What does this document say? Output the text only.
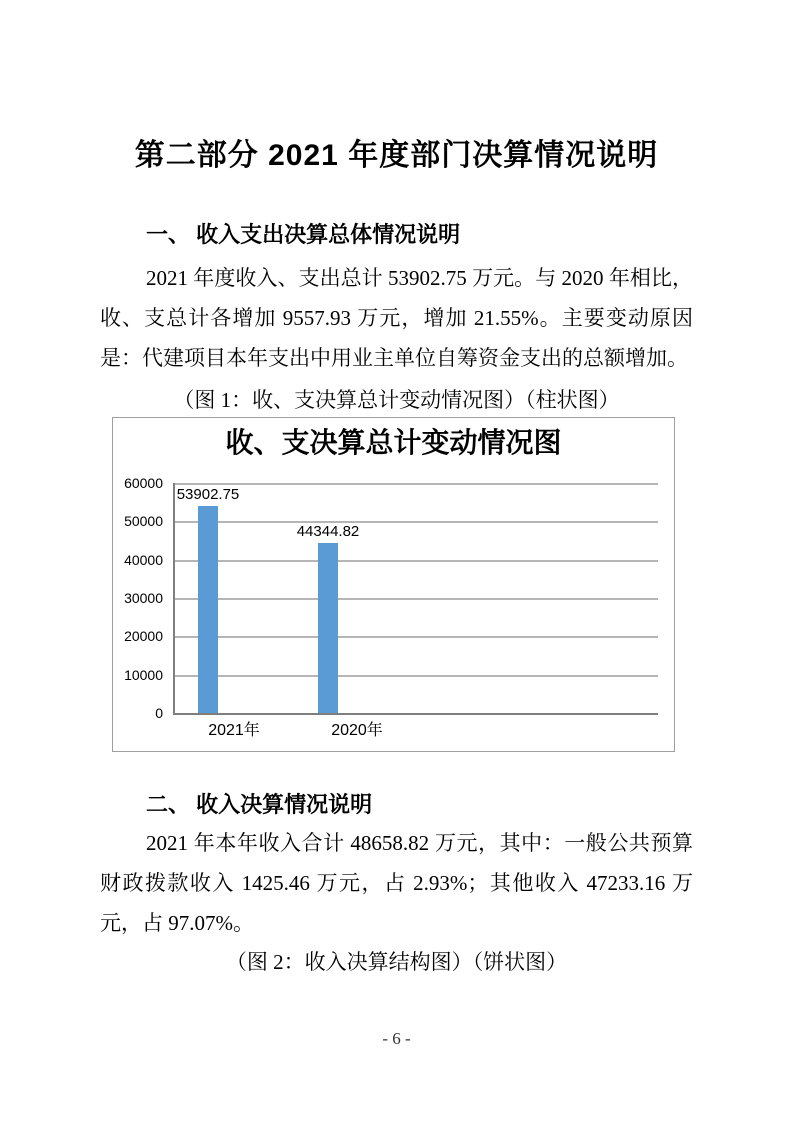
第二部分 2021 年度部门决算情况说明
一、 收入支出决算总体情况说明

2021 年度收入、支出总计 53902.75 万元。与 2020 年相比，收、支总计各增加 9557.93 万元，增加 21.55%。主要变动原因是：代建项目本年支出中用业主单位自筹资金支出的总额增加。

（图 1：收、支决算总计变动情况图）（柱状图）

收、支决算总计变动情况图
53902.75
44344.82
0
10000
20000
30000
40000
50000
60000
2021年	2020年
二、 收入决算情况说明

2021 年本年收入合计 48658.82 万元，其中：一般公共预算财政拨款收入 1425.46 万元，占 2.93%；其他收入 47233.16 万元，占 97.07%。

（图 2：收入决算结构图）（饼状图）

- 6 -
